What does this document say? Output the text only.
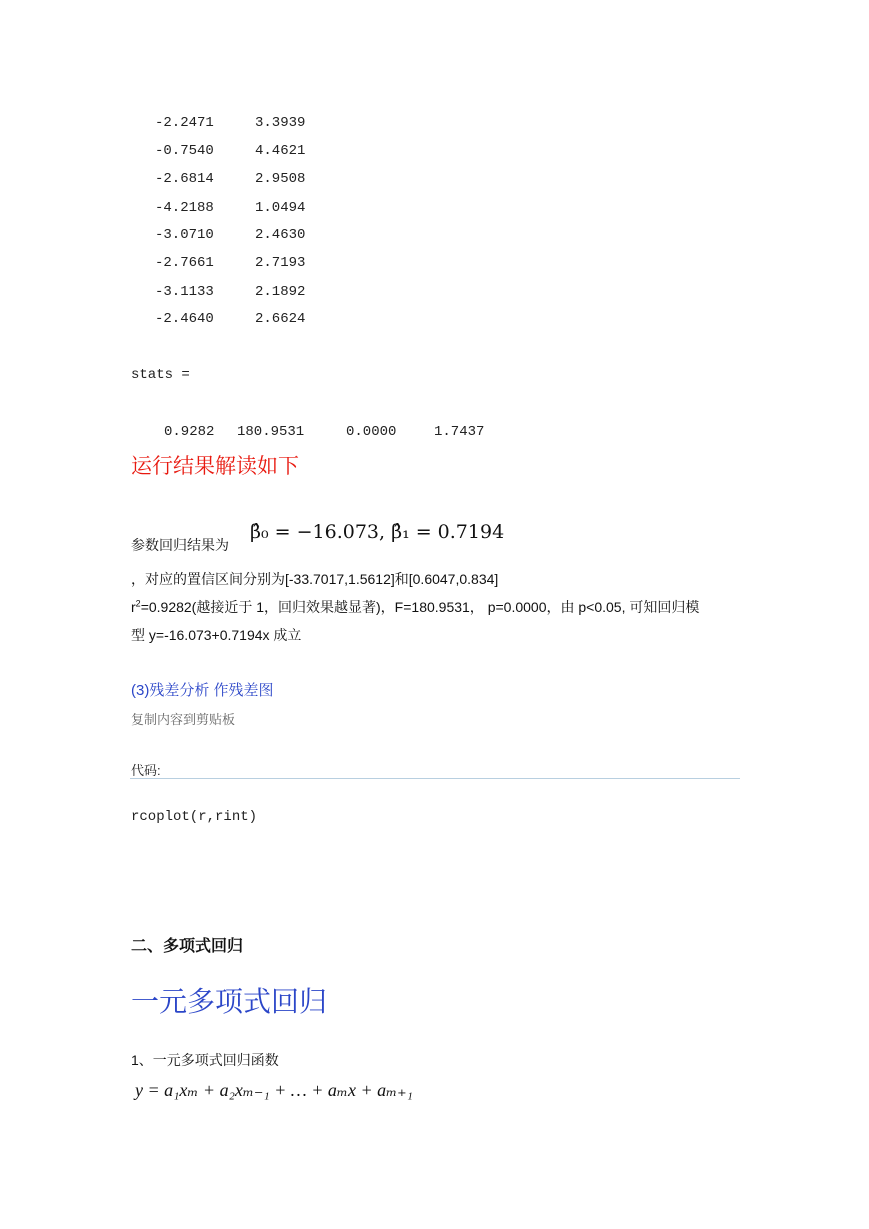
-2.2471	3.3939
-0.7540	4.4621
-2.6814	2.9508
-4.2188	1.0494
-3.0710	2.4630
-2.7661	2.7193
-3.1133	2.1892
-2.4640	2.6624
stats =
0.9282 180.9531	0.0000	1.7437
运行结果解读如下
参数回归结果为
β̂₀ = −16.073, β̂₁ = 0.7194
，对应的置信区间分别为[-33.7017,1.5612]和[0.6047,0.834]
$r^2=0.9282$(越接近于 1，回归效果越显著)，F=180.9531， p=0.0000，由 p<0.05, 可知回归模
型 y=-16.073+0.7194x 成立
(3)残差分析 作残差图
复制内容到剪贴板
代码:
rcoplot(r,rint)
二、多项式回归
一元多项式回归
1、一元多项式回归函数
y = a₁xₘ + a₂xₘ₋₁ + … + aₘx + aₘ₊₁
